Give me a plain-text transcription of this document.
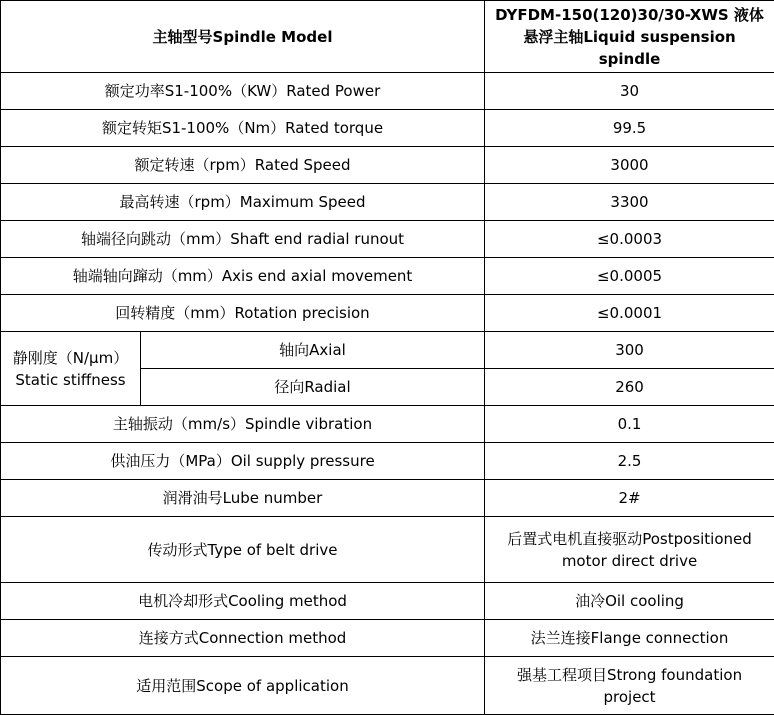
主轴型号Spindle Model		DYFDM-150(120)30/30-XWS 液体悬浮主轴Liquid suspension spindle
额定功率S1-100%（KW）Rated Power		30
额定转矩S1-100%（Nm）Rated torque		99.5
额定转速（rpm）Rated Speed		3000
最高转速（rpm）Maximum Speed		3300
轴端径向跳动（mm）Shaft end radial runout		≤0.0003
轴端轴向蹿动（mm）Axis end axial movement		≤0.0005
回转精度（mm）Rotation precision		≤0.0001

静刚度（N/μm）
Static stiffness	轴向Axial	300
	径向Radial	260
主轴振动（mm/s）Spindle vibration		0.1
供油压力（MPa）Oil supply pressure		2.5
润滑油号Lube number		2#
传动形式Type of belt drive		后置式电机直接驱动Postpositioned motor direct drive
电机冷却形式Cooling method		油冷Oil cooling
连接方式Connection method		法兰连接Flange connection
适用范围Scope of application		强基工程项目Strong foundation project
